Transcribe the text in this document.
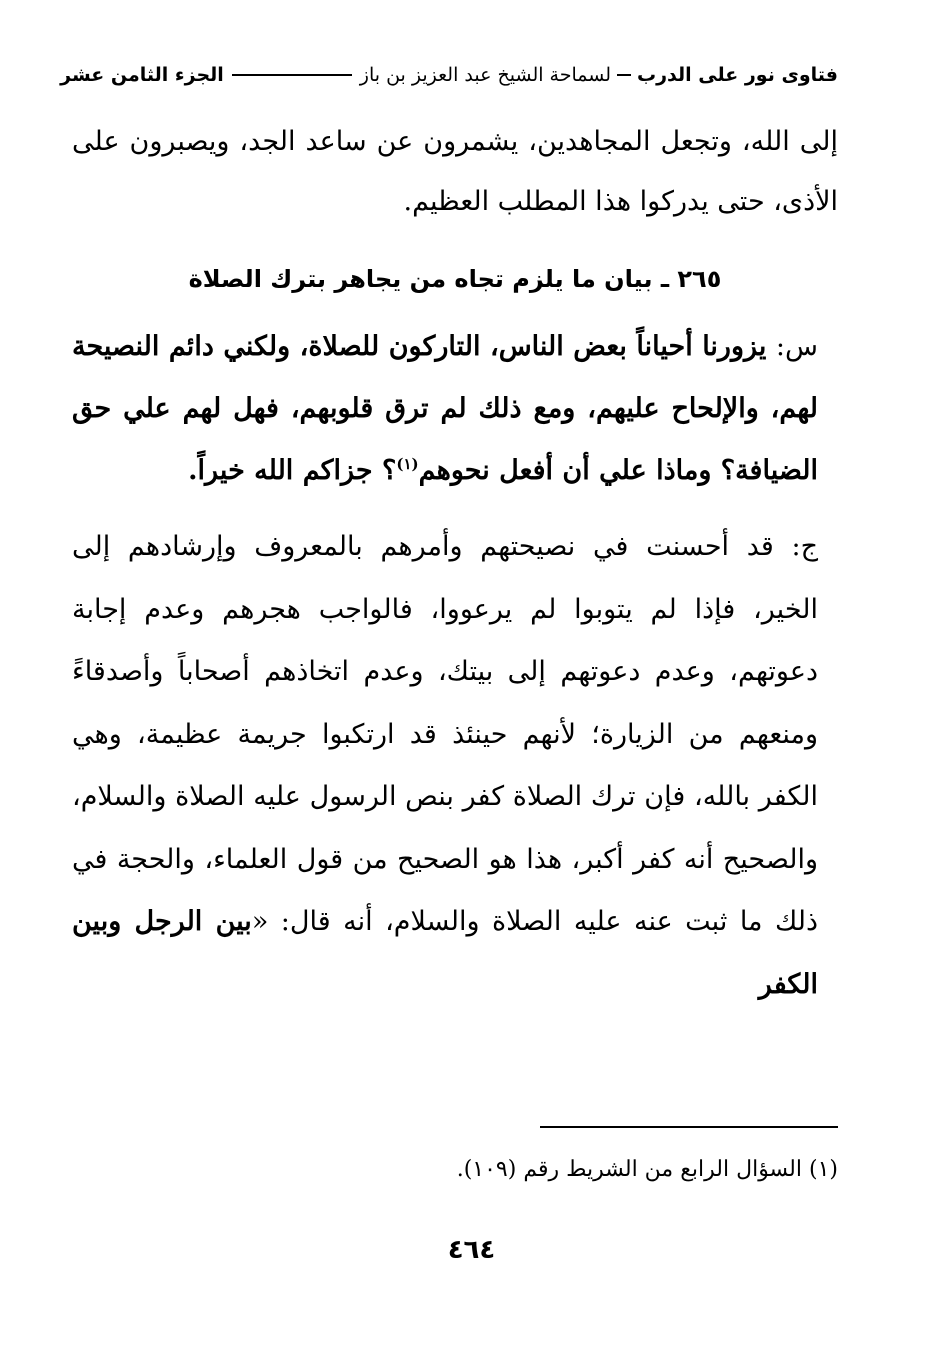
فتاوى نور على الدرب
لسماحة الشيخ عبد العزيز بن باز
الجزء الثامن عشر

إلى الله، وتجعل المجاهدين، يشمرون عن ساعد الجد، ويصبرون على الأذى، حتى يدركوا هذا المطلب العظيم.

٢٦٥ ـ بيان ما يلزم تجاه من يجاهر بترك الصلاة

س: يزورنا أحياناً بعض الناس، التاركون للصلاة، ولكني دائم النصيحة لهم، والإلحاح عليهم، ومع ذلك لم ترق قلوبهم، فهل لهم علي حق الضيافة؟ وماذا علي أن أفعل نحوهم$^{(١)}$؟ جزاكم الله خيراً.

ج: قد أحسنت في نصيحتهم وأمرهم بالمعروف وإرشادهم إلى الخير، فإذا لم يتوبوا لم يرعووا، فالواجب هجرهم وعدم إجابة دعوتهم، وعدم دعوتهم إلى بيتك، وعدم اتخاذهم أصحاباً وأصدقاءً ومنعهم من الزيارة؛ لأنهم حينئذ قد ارتكبوا جريمة عظيمة، وهي الكفر بالله، فإن ترك الصلاة كفر بنص الرسول عليه الصلاة والسلام، والصحيح أنه كفر أكبر، هذا هو الصحيح من قول العلماء، والحجة في ذلك ما ثبت عنه عليه الصلاة والسلام، أنه قال: «بين الرجل وبين الكفر

(١) السؤال الرابع من الشريط رقم (١٠٩).
٤٦٤
